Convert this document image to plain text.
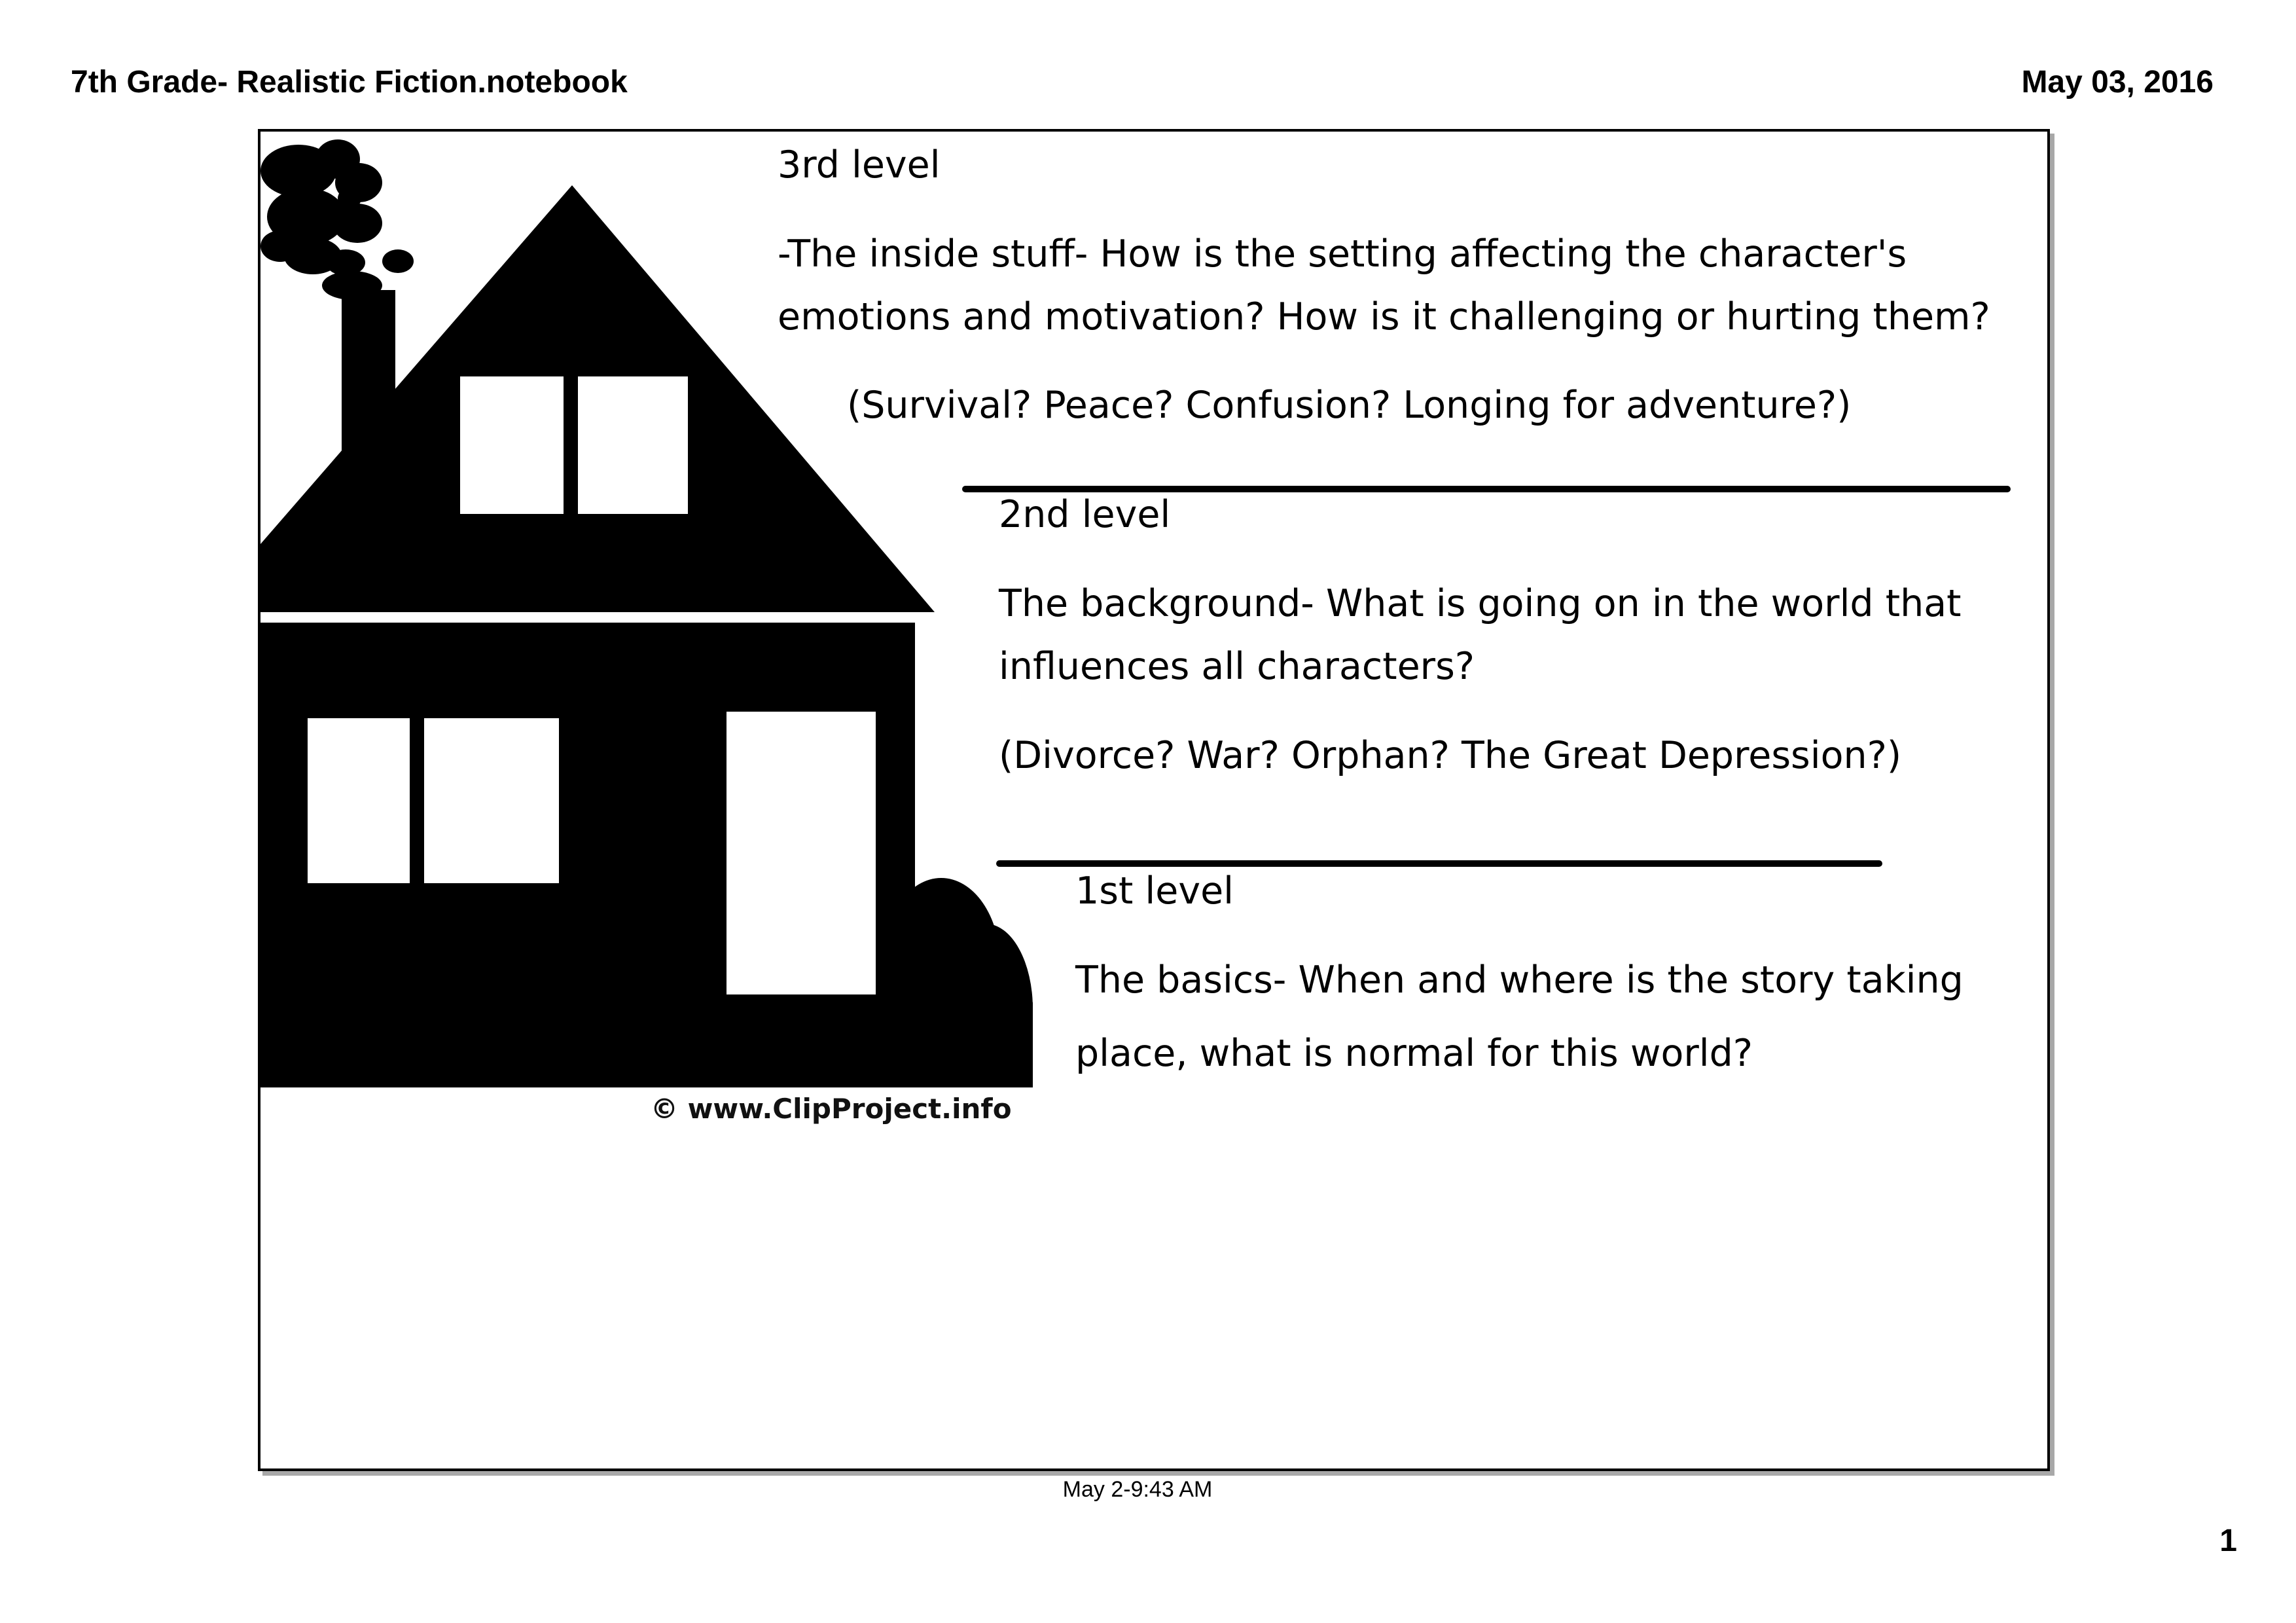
7th Grade- Realistic Fiction.notebook	May 03, 2016
© www.ClipProject.info
3rd level
-The inside stuff- How is the setting affecting the character's
emotions and motivation? How is it challenging or hurting them?
(Survival? Peace? Confusion? Longing for adventure?)
2nd level
The background- What is going on in the world that
influences all characters?
(Divorce? War? Orphan? The Great Depression?)
1st level
The basics- When and where is the story taking
place, what is normal for this world?
May 2-9:43 AM
1
